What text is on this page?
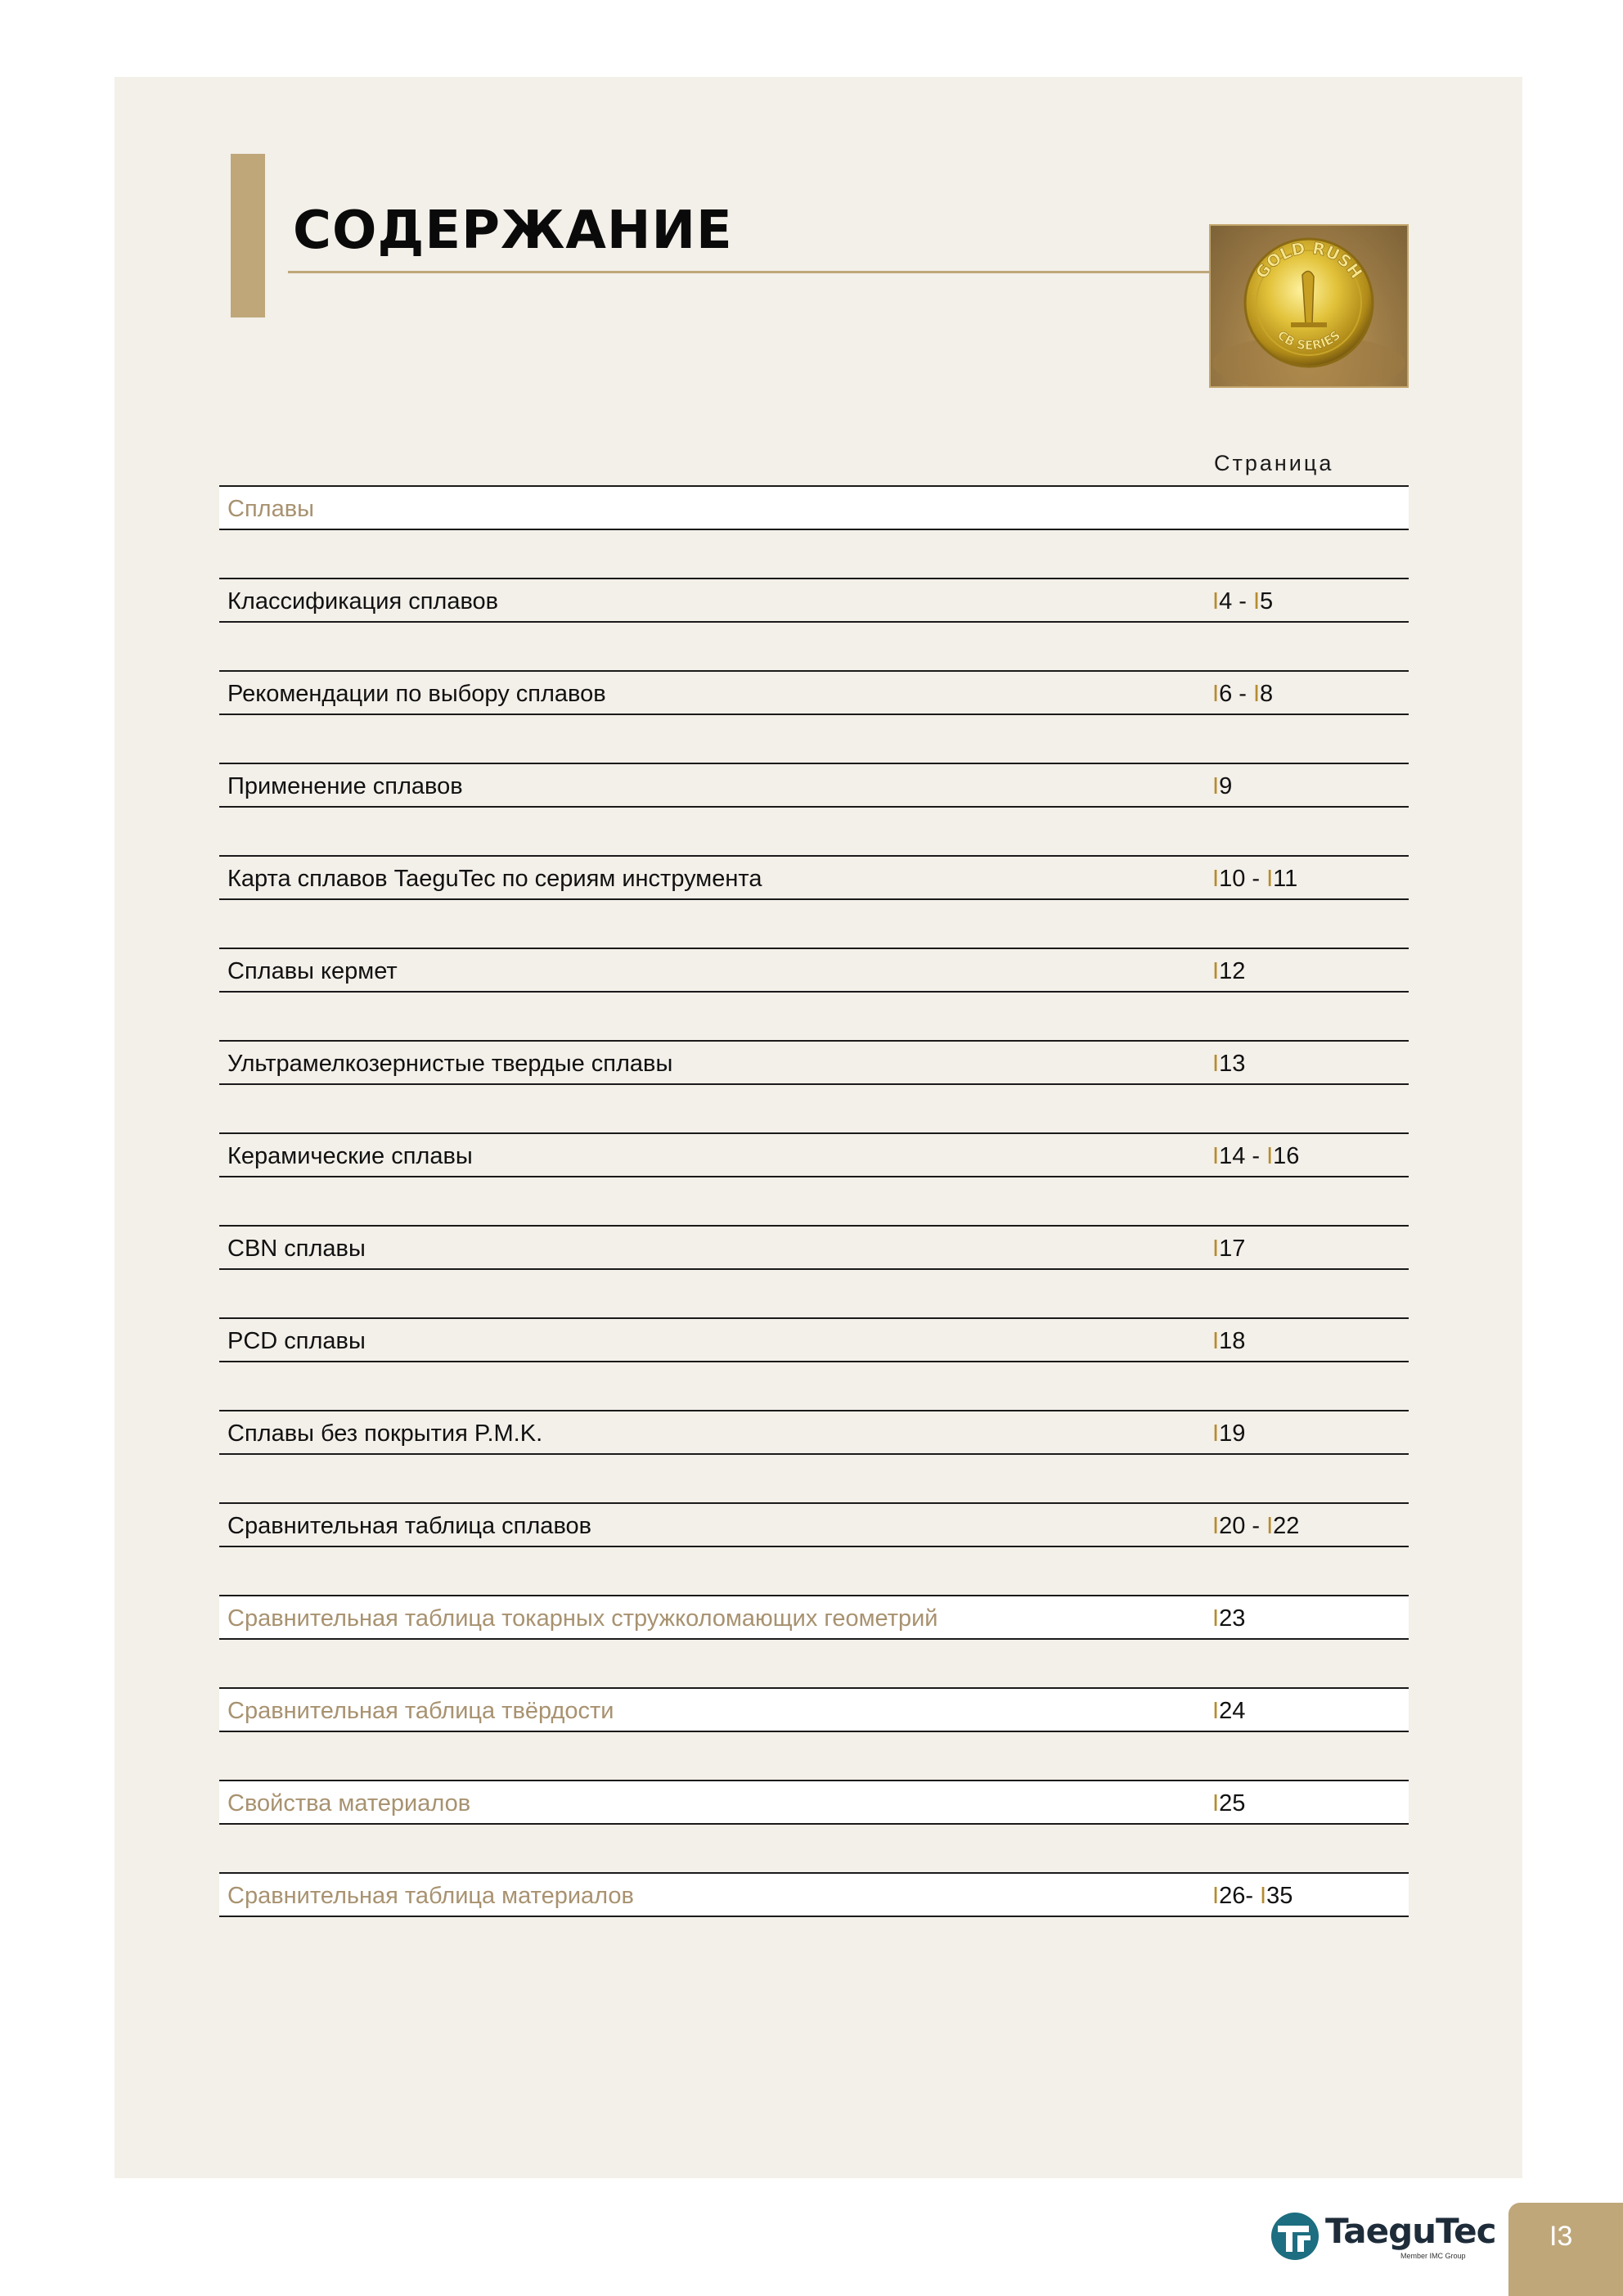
СОДЕРЖАНИЕ
GOLD RUSH
CB SERIES
Страница
Сплавы
Классификация сплавов	I4 - I5
Рекомендации по выбору сплавов	I6 - I8
Применение сплавов	I9
Карта сплавов TaeguTec по сериям инструмента	I10 - I11
Сплавы кермет	I12
Ультрамелкозернистые твердые сплавы	I13
Керамические сплавы	I14 - I16
CBN сплавы	I17
PCD сплавы	I18
Сплавы без покрытия P.M.K.	I19
Сравнительная таблица сплавов	I20 - I22
Сравнительная таблица токарных стружколомающих геометрий	I23
Сравнительная таблица твёрдости	I24
Свойства материалов	I25
Сравнительная таблица материалов	I26- I35
TaeguTec
Member IMC Group
I3
